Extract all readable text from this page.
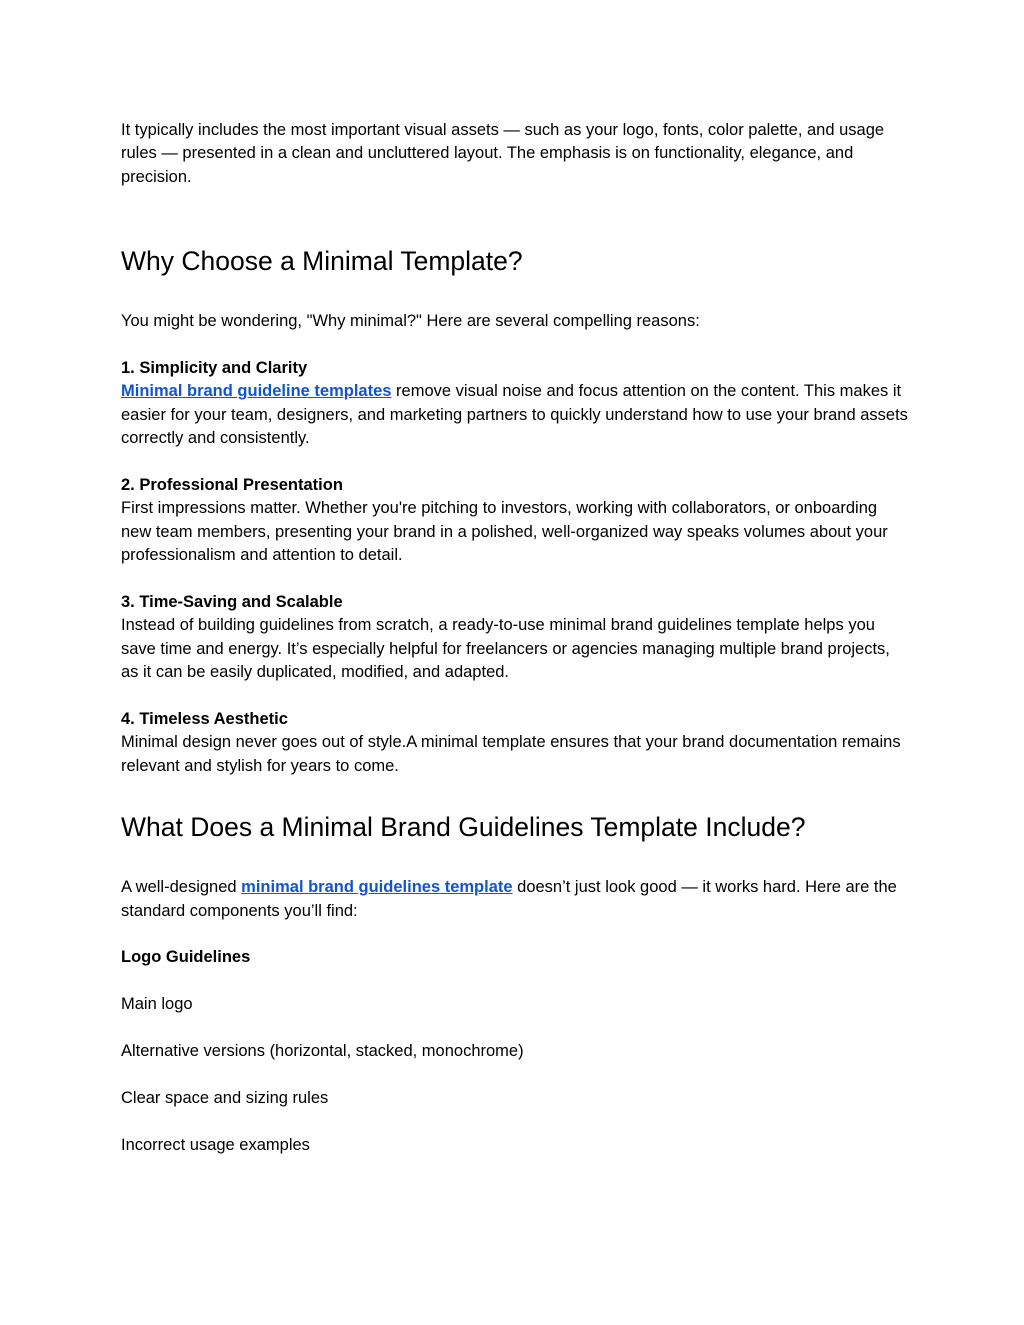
It typically includes the most important visual assets — such as your logo, fonts, color palette, and usage rules — presented in a clean and uncluttered layout. The emphasis is on functionality, elegance, and precision.

Why Choose a Minimal Template?

You might be wondering, "Why minimal?" Here are several compelling reasons:

1. Simplicity and Clarity

Minimal brand guideline templates remove visual noise and focus attention on the content. This makes it easier for your team, designers, and marketing partners to quickly understand how to use your brand assets correctly and consistently.

2. Professional Presentation

First impressions matter. Whether you're pitching to investors, working with collaborators, or onboarding new team members, presenting your brand in a polished, well-organized way speaks volumes about your professionalism and attention to detail.

3. Time-Saving and Scalable

Instead of building guidelines from scratch, a ready-to-use minimal brand guidelines template helps you save time and energy. It’s especially helpful for freelancers or agencies managing multiple brand projects, as it can be easily duplicated, modified, and adapted.

4. Timeless Aesthetic

Minimal design never goes out of style.A minimal template ensures that your brand documentation remains relevant and stylish for years to come.

What Does a Minimal Brand Guidelines Template Include?

A well-designed minimal brand guidelines template doesn’t just look good — it works hard. Here are the standard components you’ll find:

Logo Guidelines

Main logo

Alternative versions (horizontal, stacked, monochrome)

Clear space and sizing rules

Incorrect usage examples
